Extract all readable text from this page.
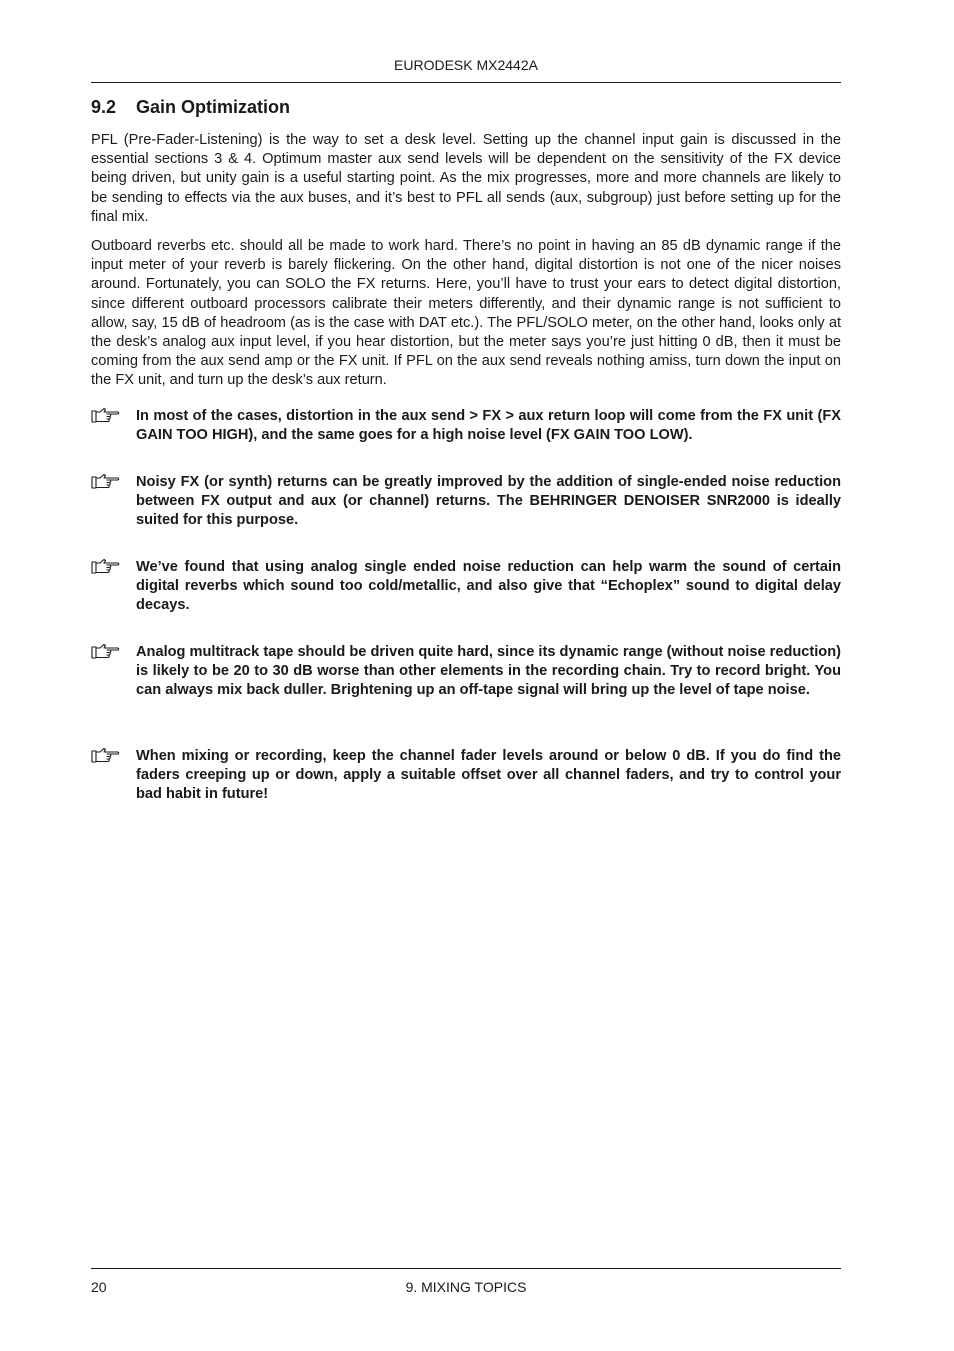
EURODESK MX2442A
9.2 Gain Optimization

PFL (Pre-Fader-Listening) is the way to set a desk level. Setting up the channel input gain is discussed in the essential sections 3 & 4. Optimum master aux send levels will be dependent on the sensitivity of the FX device being driven, but unity gain is a useful starting point. As the mix progresses, more and more channels are likely to be sending to effects via the aux buses, and it’s best to PFL all sends (aux, subgroup) just before setting up for the final mix.

Outboard reverbs etc. should all be made to work hard. There’s no point in having an 85 dB dynamic range if the input meter of your reverb is barely flickering. On the other hand, digital distortion is not one of the nicer noises around. Fortunately, you can SOLO the FX returns. Here, you’ll have to trust your ears to detect digital distortion, since different outboard processors calibrate their meters differently, and their dynamic range is not sufficient to allow, say, 15 dB of headroom (as is the case with DAT etc.). The PFL/SOLO meter, on the other hand, looks only at the desk’s analog aux input level, if you hear distortion, but the meter says you’re just hitting 0 dB, then it must be coming from the aux send amp or the FX unit. If PFL on the aux send reveals nothing amiss, turn down the input on the FX unit, and turn up the desk’s aux return.

In most of the cases, distortion in the aux send > FX > aux return loop will come from the FX unit (FX GAIN TOO HIGH), and the same goes for a high noise level (FX GAIN TOO LOW).

Noisy FX (or synth) returns can be greatly improved by the addition of single-ended noise reduction between FX output and aux (or channel) returns. The BEHRINGER DENOISER SNR2000 is ideally suited for this purpose.

We’ve found that using analog single ended noise reduction can help warm the sound of certain digital reverbs which sound too cold/metallic, and also give that “Echoplex” sound to digital delay decays.

Analog multitrack tape should be driven quite hard, since its dynamic range (without noise reduction) is likely to be 20 to 30 dB worse than other elements in the recording chain. Try to record bright. You can always mix back duller. Brightening up an off-tape signal will bring up the level of tape noise.

When mixing or recording, keep the channel fader levels around or below 0 dB. If you do find the faders creeping up or down, apply a suitable offset over all channel faders, and try to control your bad habit in future!

20	9. MIXING TOPICS
